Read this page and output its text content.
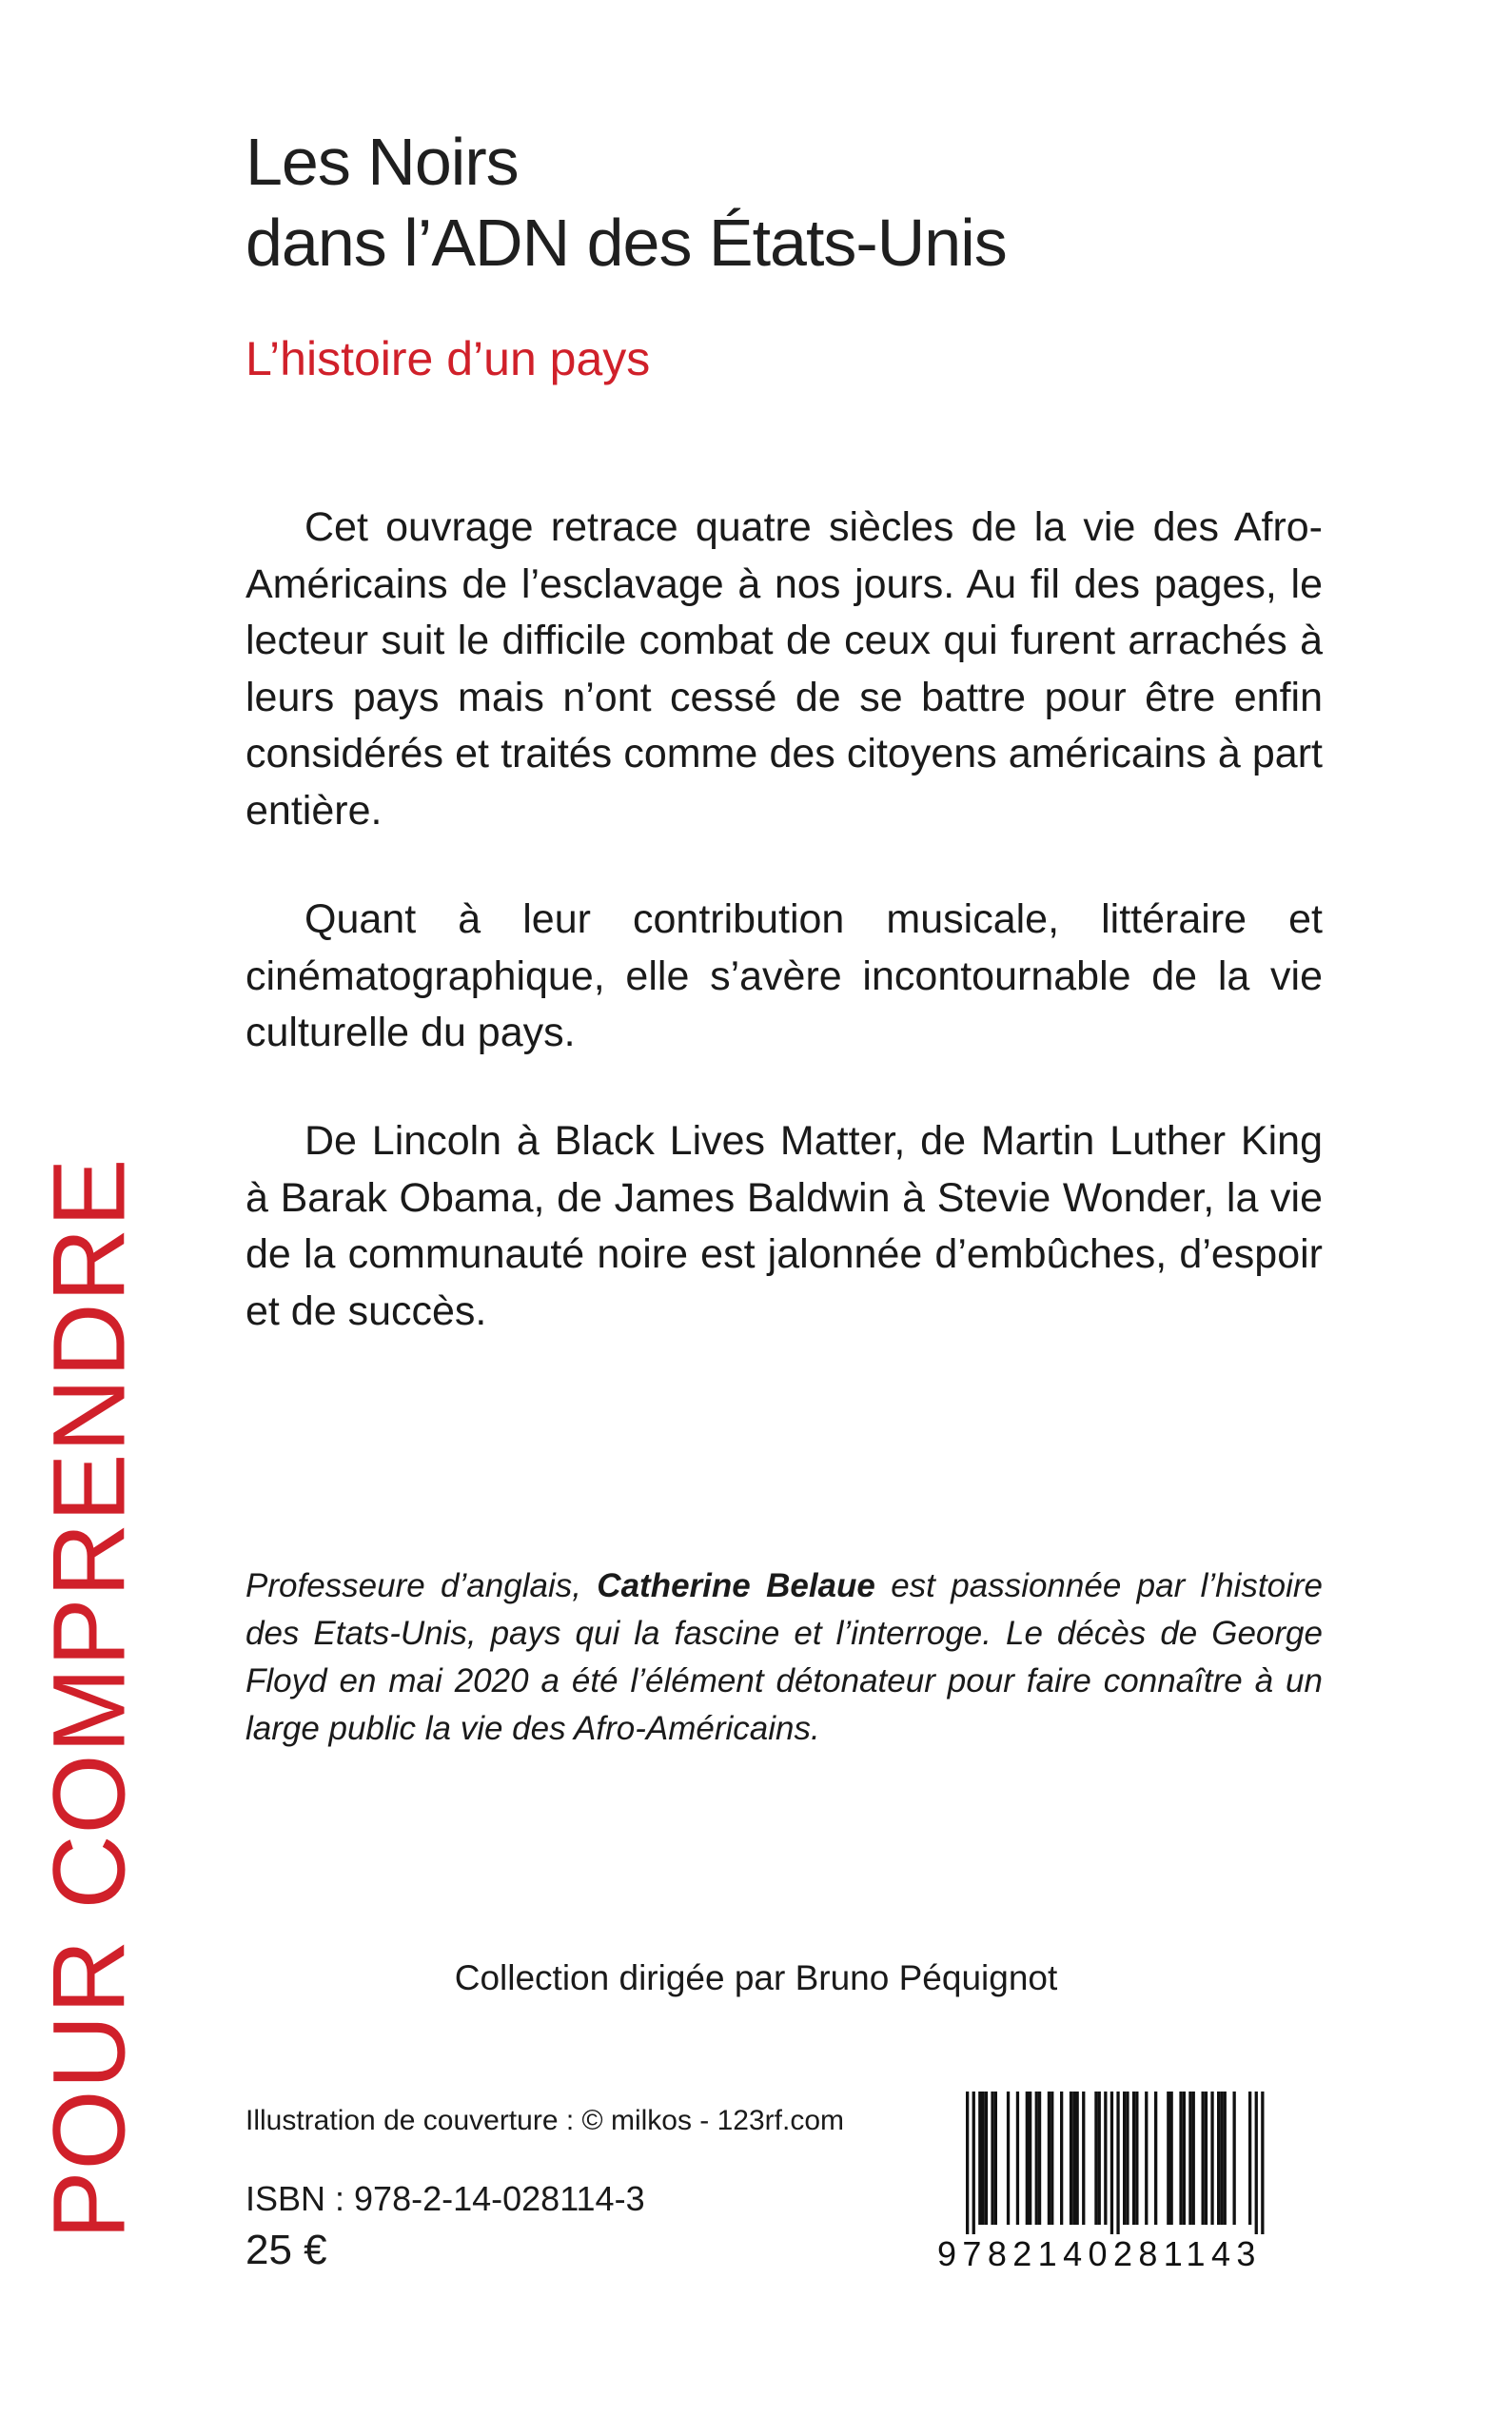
Les Noirs
dans l’ADN des États-Unis
L’histoire d’un pays

Cet ouvrage retrace quatre siècles de la vie des Afro-Américains de l’esclavage à nos jours. Au fil des pages, le lecteur suit le difficile combat de ceux qui furent arrachés à leurs pays mais n’ont cessé de se battre pour être enfin considérés et traités comme des citoyens américains à part entière.

Quant à leur contribution musicale, littéraire et cinématographique, elle s’avère incontournable de la vie culturelle du pays.

De Lincoln à Black Lives Matter, de Martin Luther King à Barak Obama, de James Baldwin à Stevie Wonder, la vie de la communauté noire est jalonnée d’embûches, d’espoir et de succès.

Professeure d’anglais, Catherine Belaue est passionnée par l’histoire des Etats-Unis, pays qui la fascine et l’interroge. Le décès de George Floyd en mai 2020 a été l’élément détonateur pour faire connaître à un large public la vie des Afro-Américains.

POUR COMPRENDRE	Collection dirigée par Bruno Péquignot
Illustration de couverture : © milkos - 123rf.com
ISBN : 978-2-14-028114-3
25 €	9782140281143
